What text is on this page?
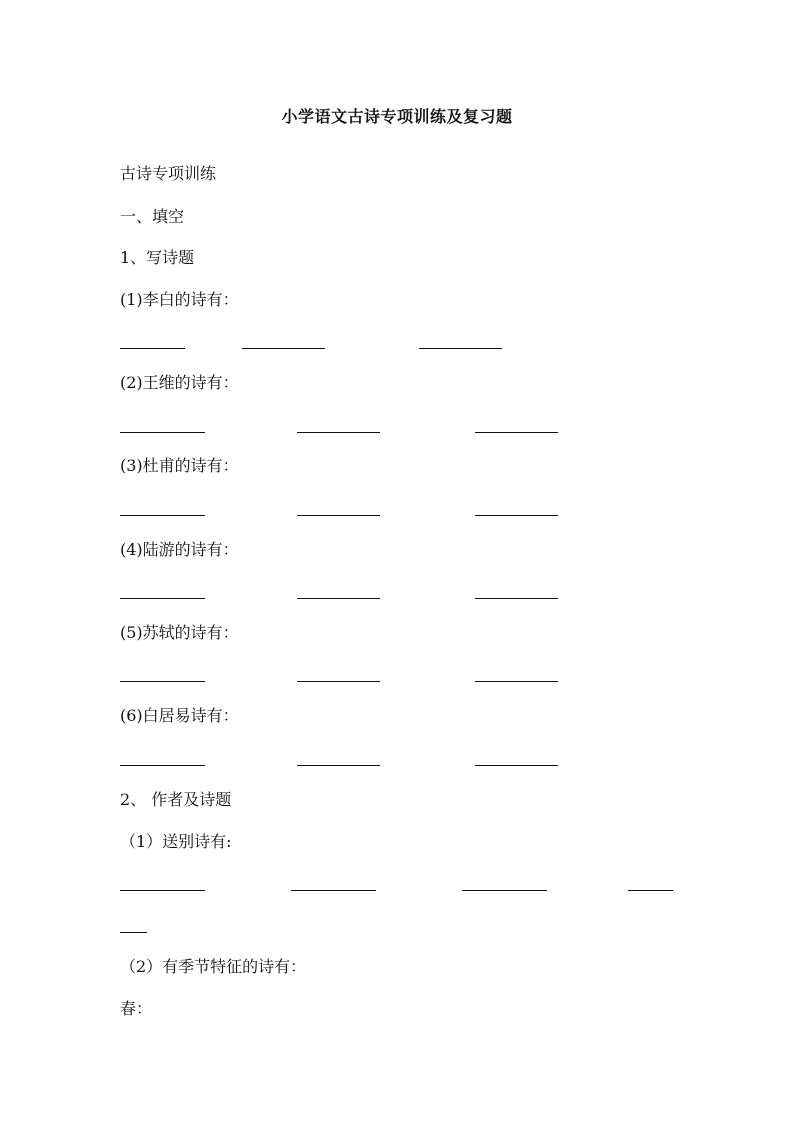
小学语文古诗专项训练及复习题
古诗专项训练
一、填空
1、写诗题
(1)李白的诗有：
(2)王维的诗有：
(3)杜甫的诗有：
(4)陆游的诗有：
(5)苏轼的诗有：
(6)白居易诗有：
2、 作者及诗题
（1）送别诗有:
（2）有季节特征的诗有：
春：
